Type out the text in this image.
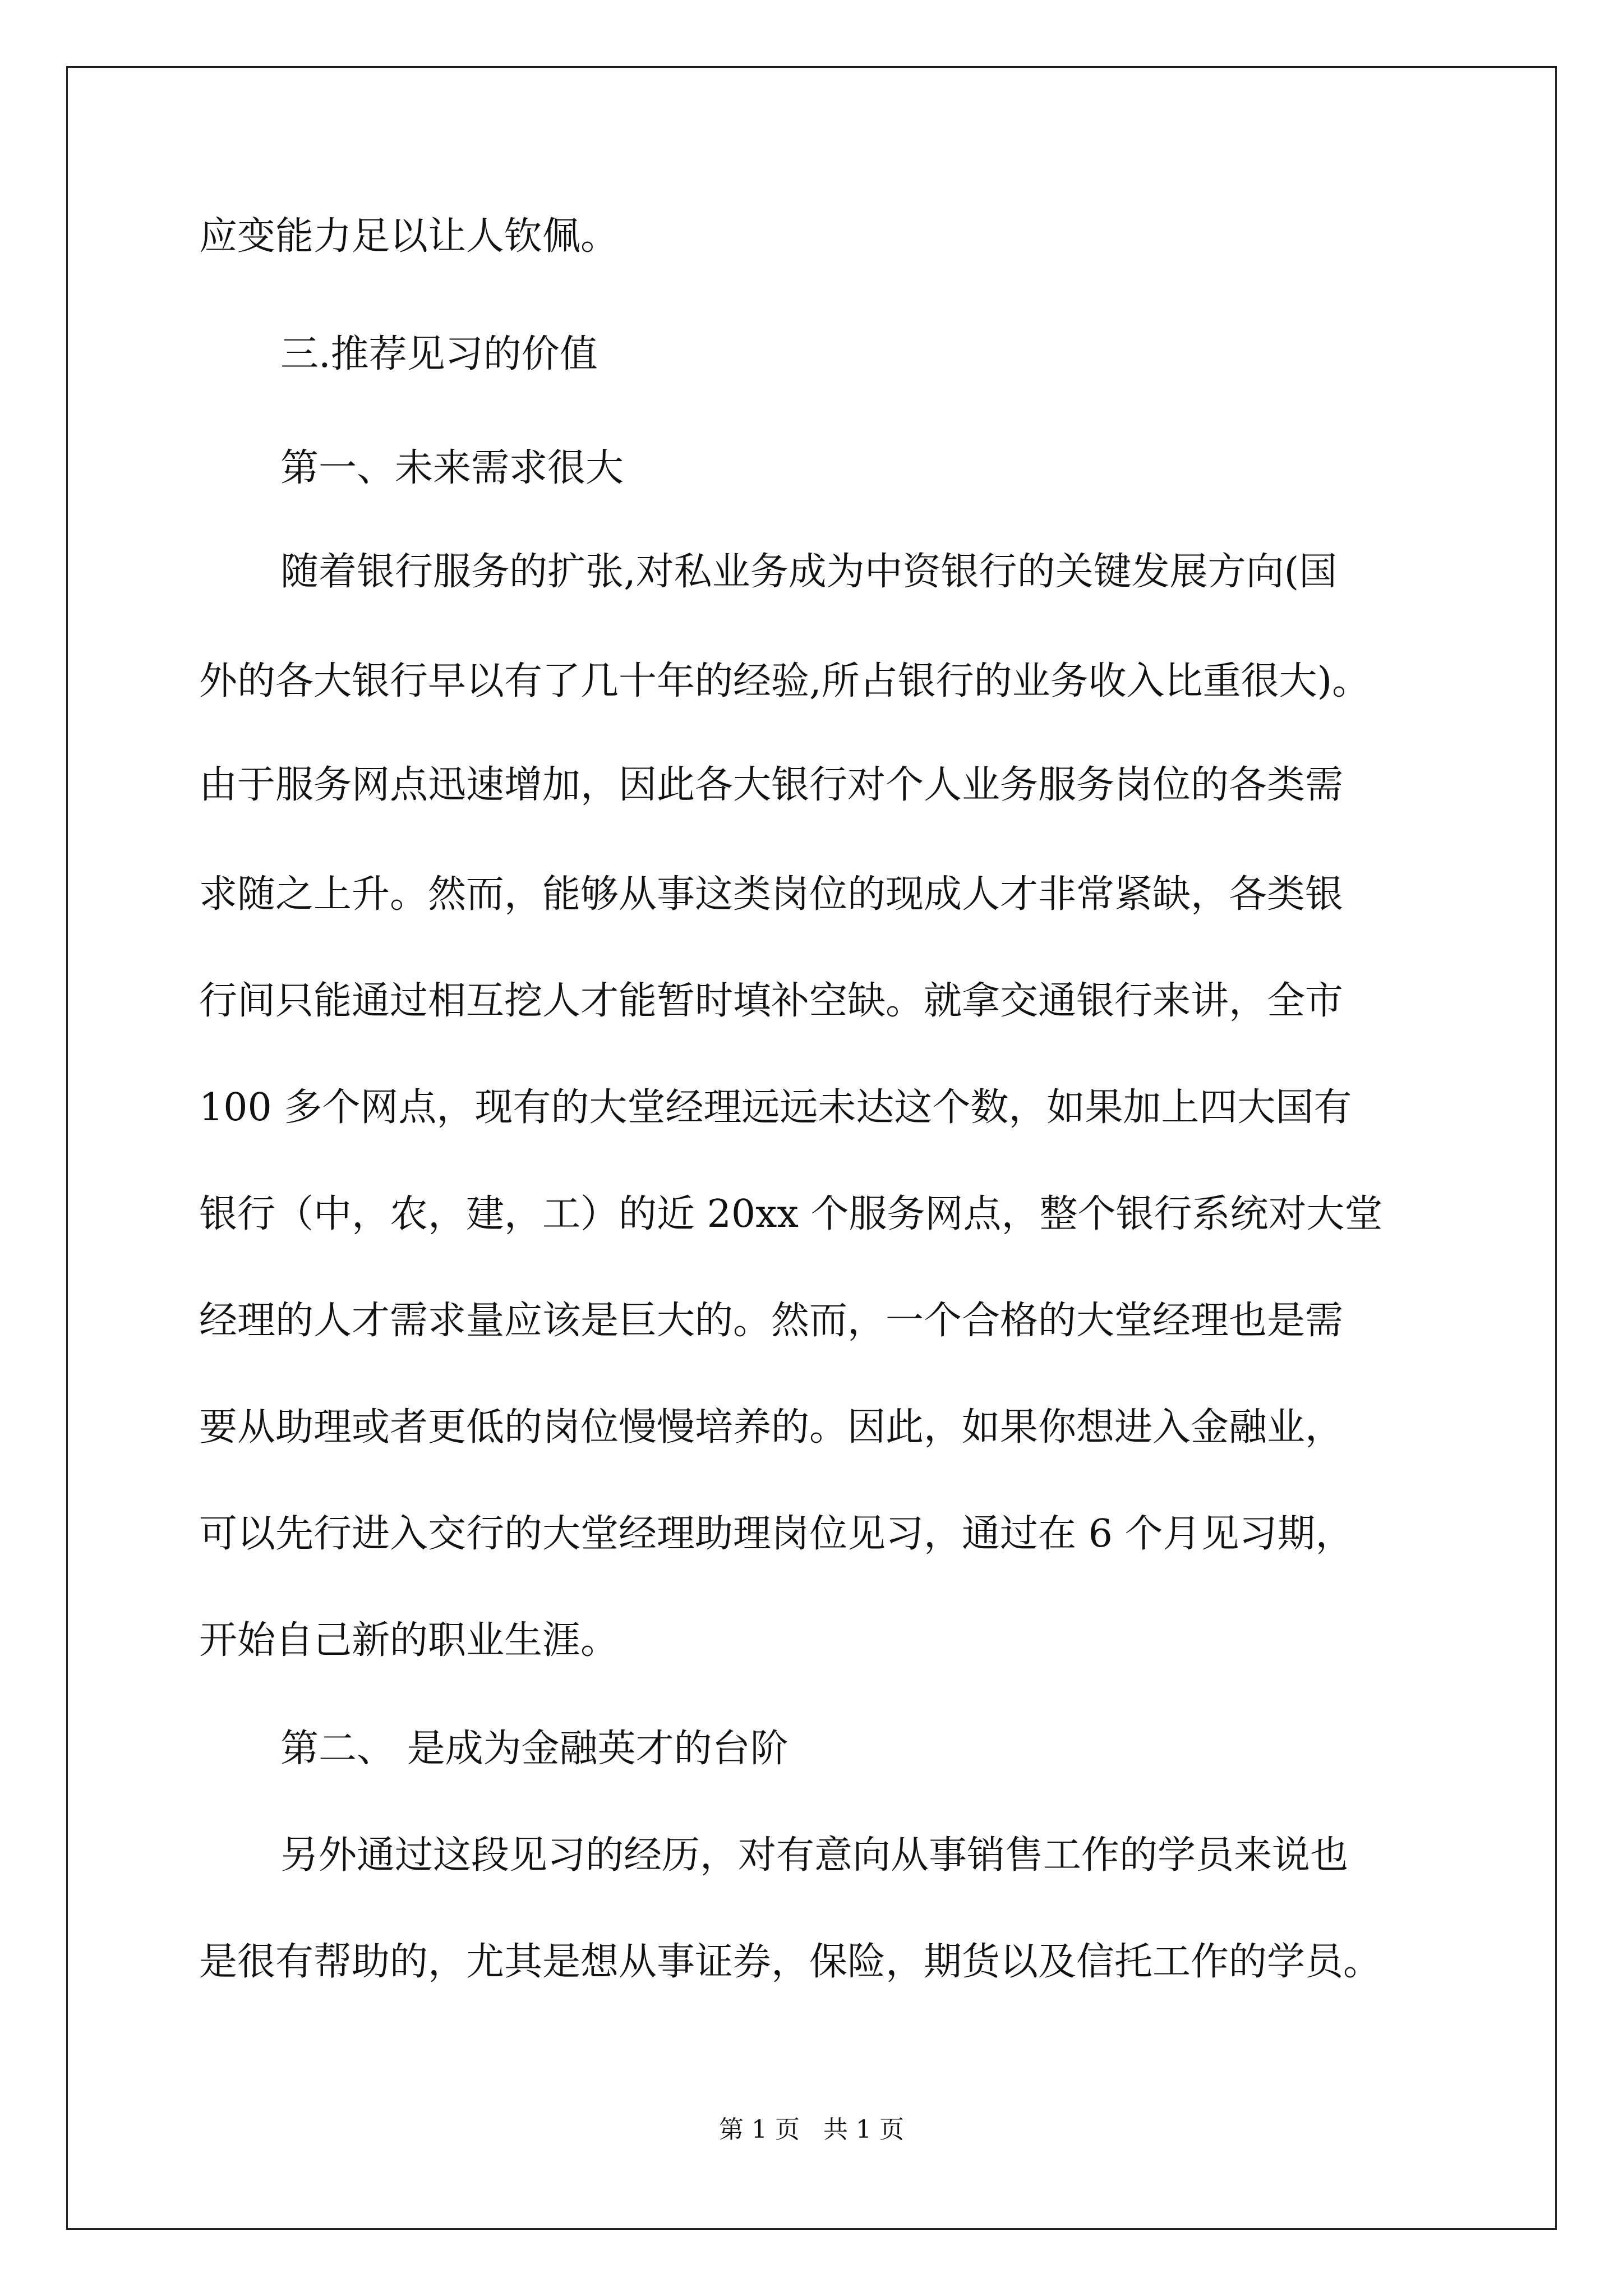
应变能力足以让人钦佩。
三.推荐见习的价值
第一、未来需求很大
随着银行服务的扩张,对私业务成为中资银行的关键发展方向(国
外的各大银行早以有了几十年的经验,所占银行的业务收入比重很大)。
由于服务网点迅速增加，因此各大银行对个人业务服务岗位的各类需
求随之上升。然而，能够从事这类岗位的现成人才非常紧缺，各类银
行间只能通过相互挖人才能暂时填补空缺。就拿交通银行来讲，全市
100 多个网点，现有的大堂经理远远未达这个数，如果加上四大国有
银行（中，农，建，工）的近 20xx 个服务网点，整个银行系统对大堂
经理的人才需求量应该是巨大的。然而，一个合格的大堂经理也是需
要从助理或者更低的岗位慢慢培养的。因此，如果你想进入金融业，
可以先行进入交行的大堂经理助理岗位见习，通过在 6 个月见习期，
开始自己新的职业生涯。
第二、 是成为金融英才的台阶
另外通过这段见习的经历，对有意向从事销售工作的学员来说也
是很有帮助的，尤其是想从事证券，保险，期货以及信托工作的学员。
第 1 页   共 1 页
